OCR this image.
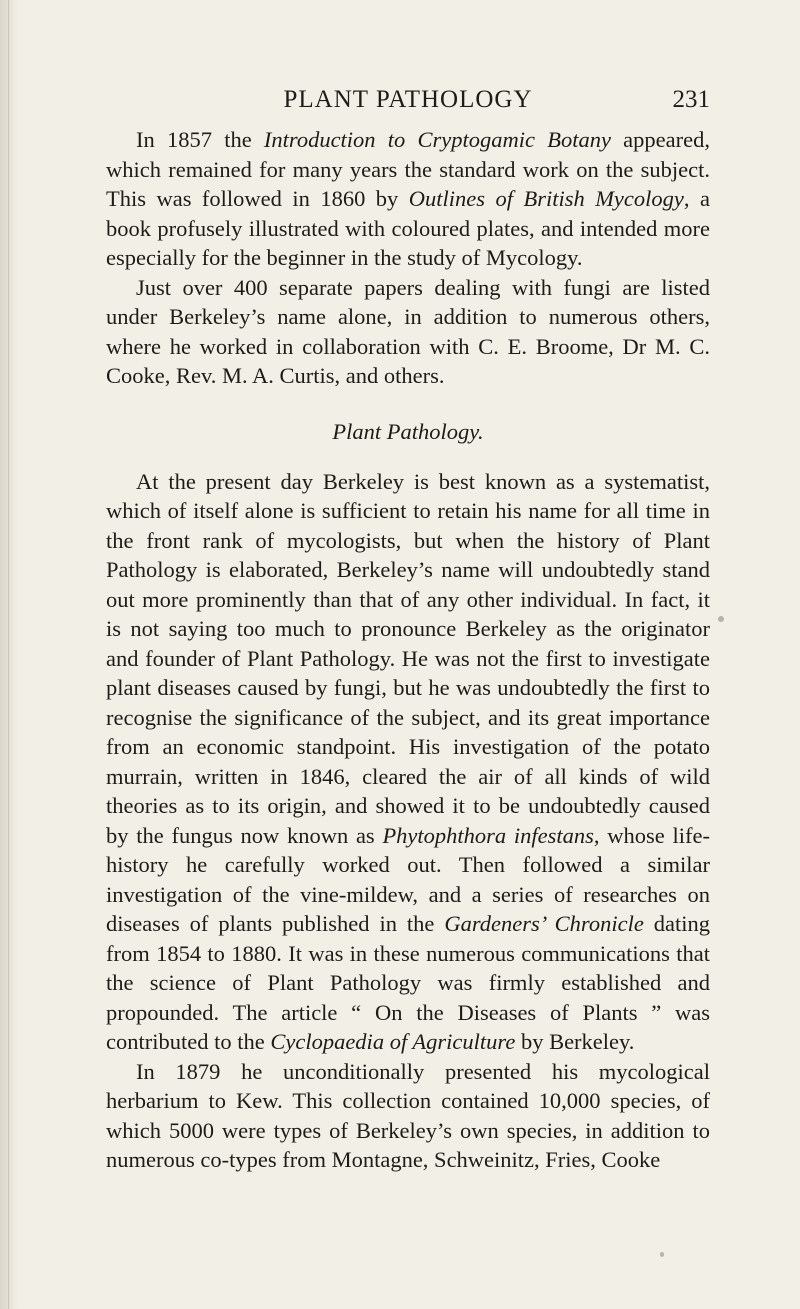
PLANT PATHOLOGY	231

In 1857 the Introduction to Cryptogamic Botany appeared, which remained for many years the standard work on the subject. This was followed in 1860 by Outlines of British Mycology, a book profusely illustrated with coloured plates, and intended more especially for the beginner in the study of Mycology.

Just over 400 separate papers dealing with fungi are listed under Berkeley’s name alone, in addition to numerous others, where he worked in collaboration with C. E. Broome, Dr M. C. Cooke, Rev. M. A. Curtis, and others.

Plant Pathology.

At the present day Berkeley is best known as a systematist, which of itself alone is sufficient to retain his name for all time in the front rank of mycologists, but when the history of Plant Pathology is elaborated, Berkeley’s name will undoubtedly stand out more prominently than that of any other individual. In fact, it is not saying too much to pronounce Berkeley as the originator and founder of Plant Pathology. He was not the first to investigate plant diseases caused by fungi, but he was undoubtedly the first to recognise the significance of the subject, and its great importance from an economic standpoint. His investigation of the potato murrain, written in 1846, cleared the air of all kinds of wild theories as to its origin, and showed it to be undoubtedly caused by the fungus now known as Phytophthora infestans, whose life-history he carefully worked out. Then followed a similar investigation of the vine-mildew, and a series of researches on diseases of plants published in the Gardeners’ Chronicle dating from 1854 to 1880. It was in these numerous communications that the science of Plant Pathology was firmly established and propounded. The article “ On the Diseases of Plants ” was contributed to the Cyclopaedia of Agriculture by Berkeley.

In 1879 he unconditionally presented his mycological herbarium to Kew. This collection contained 10,000 species, of which 5000 were types of Berkeley’s own species, in addition to numerous co-types from Montagne, Schweinitz, Fries, Cooke
